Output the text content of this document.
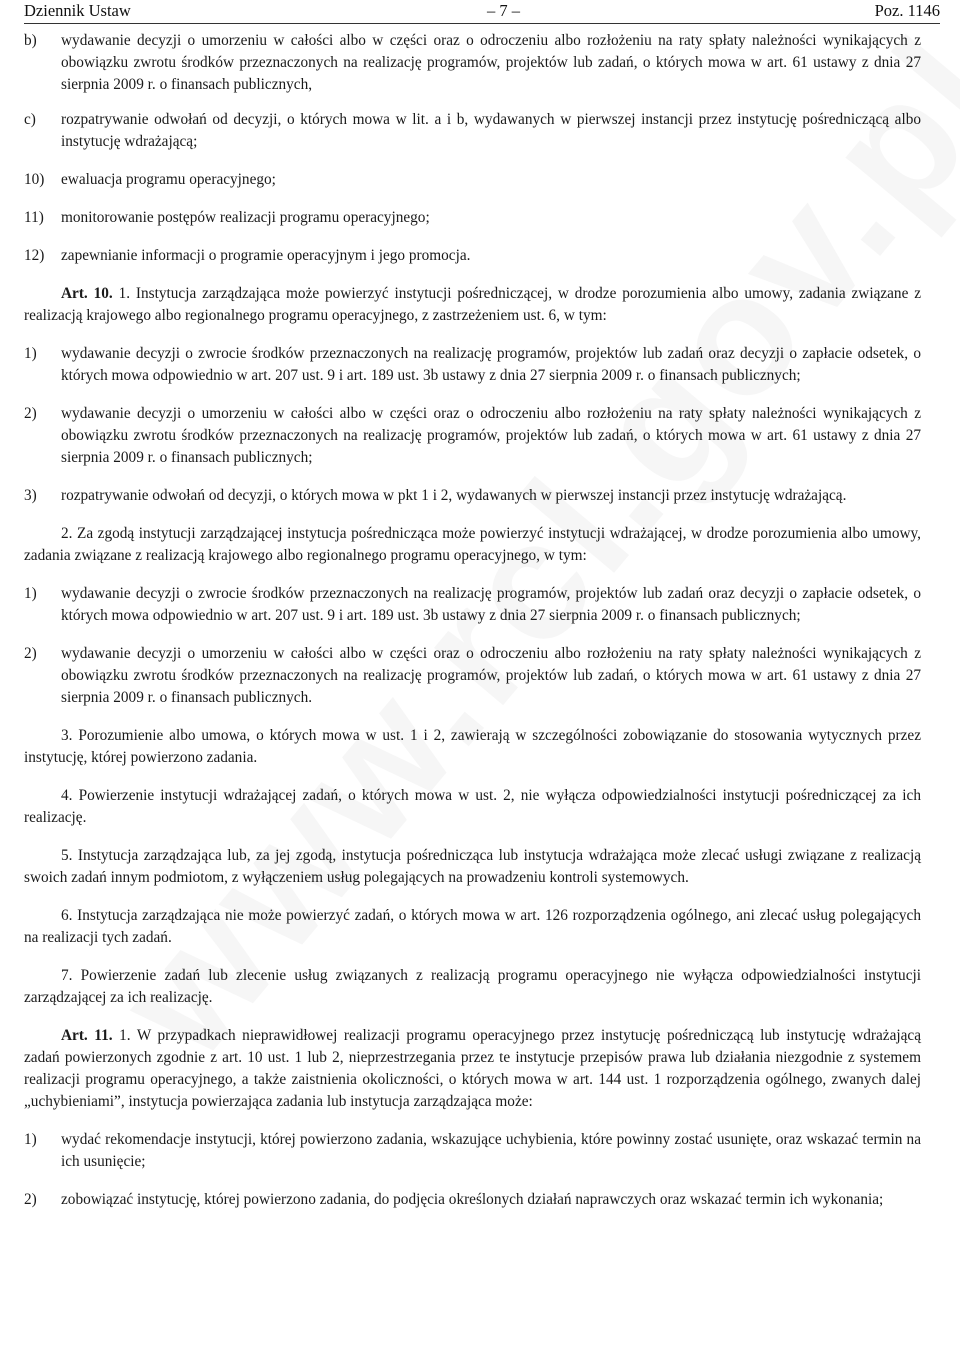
Dziennik Ustaw	– 7 –	Poz. 1146

b) wydawanie decyzji o umorzeniu w całości albo w części oraz o odroczeniu albo rozłożeniu na raty spłaty należności wynikających z obowiązku zwrotu środków przeznaczonych na realizację programów, projektów lub zadań, o których mowa w art. 61 ustawy z dnia 27 sierpnia 2009 r. o finansach publicznych,

c) rozpatrywanie odwołań od decyzji, o których mowa w lit. a i b, wydawanych w pierwszej instancji przez instytucję pośredniczącą albo instytucję wdrażającą;

10) ewaluacja programu operacyjnego;

11) monitorowanie postępów realizacji programu operacyjnego;

12) zapewnianie informacji o programie operacyjnym i jego promocja.

Art. 10. 1. Instytucja zarządzająca może powierzyć instytucji pośredniczącej, w drodze porozumienia albo umowy, zadania związane z realizacją krajowego albo regionalnego programu operacyjnego, z zastrzeżeniem ust. 6, w tym:

1) wydawanie decyzji o zwrocie środków przeznaczonych na realizację programów, projektów lub zadań oraz decyzji o zapłacie odsetek, o których mowa odpowiednio w art. 207 ust. 9 i art. 189 ust. 3b ustawy z dnia 27 sierpnia 2009 r. o finansach publicznych;

2) wydawanie decyzji o umorzeniu w całości albo w części oraz o odroczeniu albo rozłożeniu na raty spłaty należności wynikających z obowiązku zwrotu środków przeznaczonych na realizację programów, projektów lub zadań, o których mowa w art. 61 ustawy z dnia 27 sierpnia 2009 r. o finansach publicznych;

3) rozpatrywanie odwołań od decyzji, o których mowa w pkt 1 i 2, wydawanych w pierwszej instancji przez instytucję wdrażającą.

2. Za zgodą instytucji zarządzającej instytucja pośrednicząca może powierzyć instytucji wdrażającej, w drodze porozumienia albo umowy, zadania związane z realizacją krajowego albo regionalnego programu operacyjnego, w tym:

1) wydawanie decyzji o zwrocie środków przeznaczonych na realizację programów, projektów lub zadań oraz decyzji o zapłacie odsetek, o których mowa odpowiednio w art. 207 ust. 9 i art. 189 ust. 3b ustawy z dnia 27 sierpnia 2009 r. o finansach publicznych;

2) wydawanie decyzji o umorzeniu w całości albo w części oraz o odroczeniu albo rozłożeniu na raty spłaty należności wynikających z obowiązku zwrotu środków przeznaczonych na realizację programów, projektów lub zadań, o których mowa w art. 61 ustawy z dnia 27 sierpnia 2009 r. o finansach publicznych.

3. Porozumienie albo umowa, o których mowa w ust. 1 i 2, zawierają w szczególności zobowiązanie do stosowania wytycznych przez instytucję, której powierzono zadania.

4. Powierzenie instytucji wdrażającej zadań, o których mowa w ust. 2, nie wyłącza odpowiedzialności instytucji pośredniczącej za ich realizację.

5. Instytucja zarządzająca lub, za jej zgodą, instytucja pośrednicząca lub instytucja wdrażająca może zlecać usługi związane z realizacją swoich zadań innym podmiotom, z wyłączeniem usług polegających na prowadzeniu kontroli systemowych.

6. Instytucja zarządzająca nie może powierzyć zadań, o których mowa w art. 126 rozporządzenia ogólnego, ani zlecać usług polegających na realizacji tych zadań.

7. Powierzenie zadań lub zlecenie usług związanych z realizacją programu operacyjnego nie wyłącza odpowiedzialności instytucji zarządzającej za ich realizację.

Art. 11. 1. W przypadkach nieprawidłowej realizacji programu operacyjnego przez instytucję pośredniczącą lub instytucję wdrażającą zadań powierzonych zgodnie z art. 10 ust. 1 lub 2, nieprzestrzegania przez te instytucje przepisów prawa lub działania niezgodnie z systemem realizacji programu operacyjnego, a także zaistnienia okoliczności, o których mowa w art. 144 ust. 1 rozporządzenia ogólnego, zwanych dalej „uchybieniami”, instytucja powierzająca zadania lub instytucja zarządzająca może:

1) wydać rekomendacje instytucji, której powierzono zadania, wskazujące uchybienia, które powinny zostać usunięte, oraz wskazać termin na ich usunięcie;

2) zobowiązać instytucję, której powierzono zadania, do podjęcia określonych działań naprawczych oraz wskazać termin ich wykonania;
